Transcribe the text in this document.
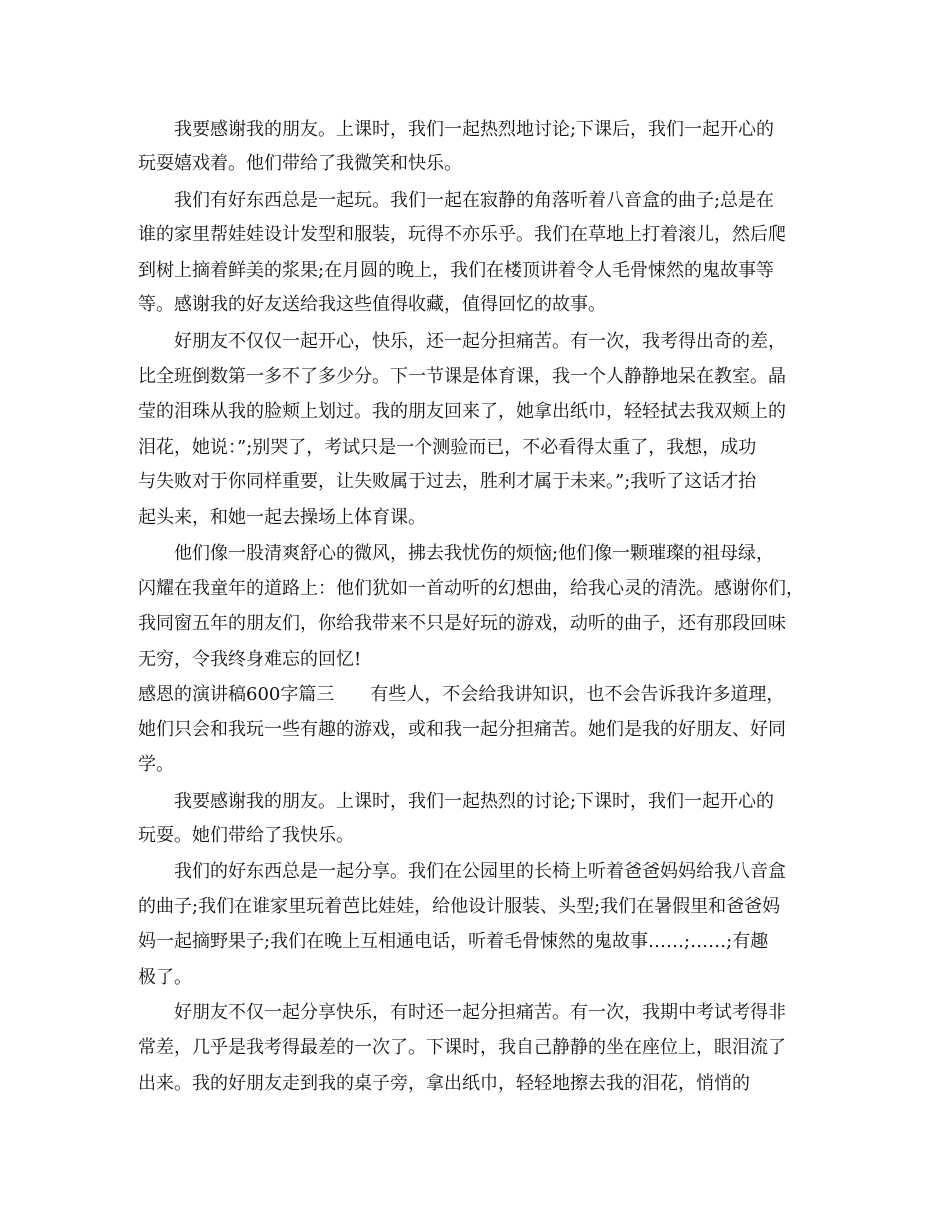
　　我要感谢我的朋友。上课时，我们一起热烈地讨论;下课后，我们一起开心的
玩耍嬉戏着。他们带给了我微笑和快乐。
　　我们有好东西总是一起玩。我们一起在寂静的角落听着八音盒的曲子;总是在
谁的家里帮娃娃设计发型和服装，玩得不亦乐乎。我们在草地上打着滚儿，然后爬
到树上摘着鲜美的浆果;在月圆的晚上，我们在楼顶讲着令人毛骨悚然的鬼故事等
等。感谢我的好友送给我这些值得收藏，值得回忆的故事。
　　好朋友不仅仅一起开心，快乐，还一起分担痛苦。有一次，我考得出奇的差，
比全班倒数第一多不了多少分。下一节课是体育课，我一个人静静地呆在教室。晶
莹的泪珠从我的脸颊上划过。我的朋友回来了，她拿出纸巾，轻轻拭去我双颊上的
泪花，她说：”;别哭了，考试只是一个测验而已，不必看得太重了，我想，成功
与失败对于你同样重要，让失败属于过去，胜利才属于未来。”;我听了这话才抬
起头来，和她一起去操场上体育课。
　　他们像一股清爽舒心的微风，拂去我忧伤的烦恼;他们像一颗璀璨的祖母绿，
闪耀在我童年的道路上：他们犹如一首动听的幻想曲，给我心灵的清洗。感谢你们，
我同窗五年的朋友们，你给我带来不只是好玩的游戏，动听的曲子，还有那段回味
无穷，令我终身难忘的回忆!
感恩的演讲稿600字篇三　　有些人，不会给我讲知识，也不会告诉我许多道理，
她们只会和我玩一些有趣的游戏，或和我一起分担痛苦。她们是我的好朋友、好同
学。
　　我要感谢我的朋友。上课时，我们一起热烈的讨论;下课时，我们一起开心的
玩耍。她们带给了我快乐。
　　我们的好东西总是一起分享。我们在公园里的长椅上听着爸爸妈妈给我八音盒
的曲子;我们在谁家里玩着芭比娃娃，给他设计服装、头型;我们在暑假里和爸爸妈
妈一起摘野果子;我们在晚上互相通电话，听着毛骨悚然的鬼故事……;……;有趣
极了。
　　好朋友不仅一起分享快乐，有时还一起分担痛苦。有一次，我期中考试考得非
常差，几乎是我考得最差的一次了。下课时，我自己静静的坐在座位上，眼泪流了
出来。我的好朋友走到我的桌子旁，拿出纸巾，轻轻地擦去我的泪花，悄悄的
